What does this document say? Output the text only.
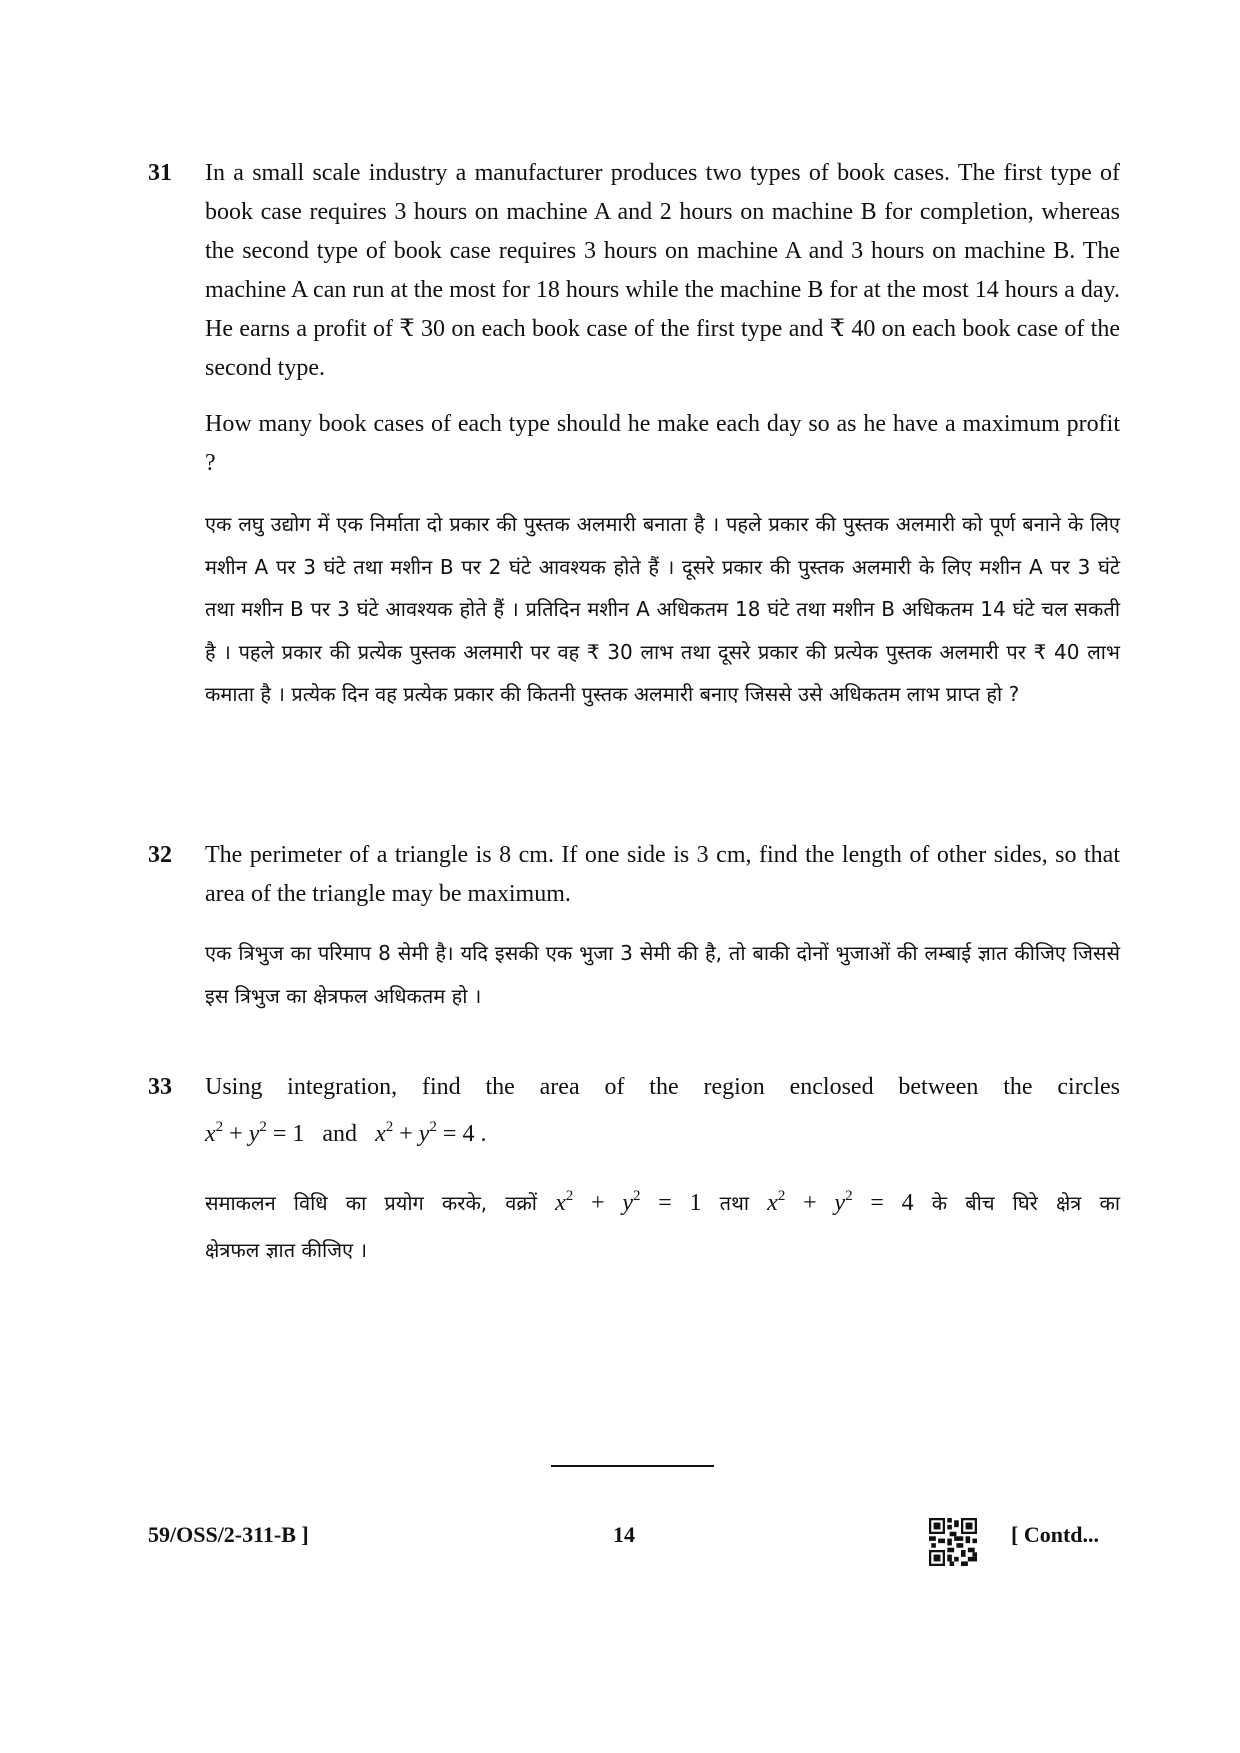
31 In a small scale industry a manufacturer produces two types of book cases. The first type of book case requires 3 hours on machine A and 2 hours on machine B for completion, whereas the second type of book case requires 3 hours on machine A and 3 hours on machine B. The machine A can run at the most for 18 hours while the machine B for at the most 14 hours a day. He earns a profit of ₹ 30 on each book case of the first type and ₹ 40 on each book case of the second type.

How many book cases of each type should he make each day so as he have a maximum profit ?

एक लघु उद्योग में एक निर्माता दो प्रकार की पुस्तक अलमारी बनाता है । पहले प्रकार की पुस्तक अलमारी को पूर्ण बनाने के लिए मशीन A पर 3 घंटे तथा मशीन B पर 2 घंटे आवश्यक होते हैं । दूसरे प्रकार की पुस्तक अलमारी के लिए मशीन A पर 3 घंटे तथा मशीन B पर 3 घंटे आवश्यक होते हैं । प्रतिदिन मशीन A अधिकतम 18 घंटे तथा मशीन B अधिकतम 14 घंटे चल सकती है । पहले प्रकार की प्रत्येक पुस्तक अलमारी पर वह ₹ 30 लाभ तथा दूसरे प्रकार की प्रत्येक पुस्तक अलमारी पर ₹ 40 लाभ कमाता है । प्रत्येक दिन वह प्रत्येक प्रकार की कितनी पुस्तक अलमारी बनाए जिससे उसे अधिकतम लाभ प्राप्त हो ?

32 The perimeter of a triangle is 8 cm. If one side is 3 cm, find the length of other sides, so that area of the triangle may be maximum.

एक त्रिभुज का परिमाप 8 सेमी है। यदि इसकी एक भुजा 3 सेमी की है, तो बाकी दोनों भुजाओं की लम्बाई ज्ञात कीजिए जिससे इस त्रिभुज का क्षेत्रफल अधिकतम हो ।

33 Using integration, find the area of the region enclosed between the circles

$x^2 + y^2 = 1$ and $x^2 + y^2 = 4$ .

समाकलन विधि का प्रयोग करके, वक्रों $x^2 + y^2 = 1$ तथा $x^2 + y^2 = 4$ के बीच घिरे क्षेत्र का

क्षेत्रफल ज्ञात कीजिए ।

59/OSS/2-311-B ]	14	[ Contd...
